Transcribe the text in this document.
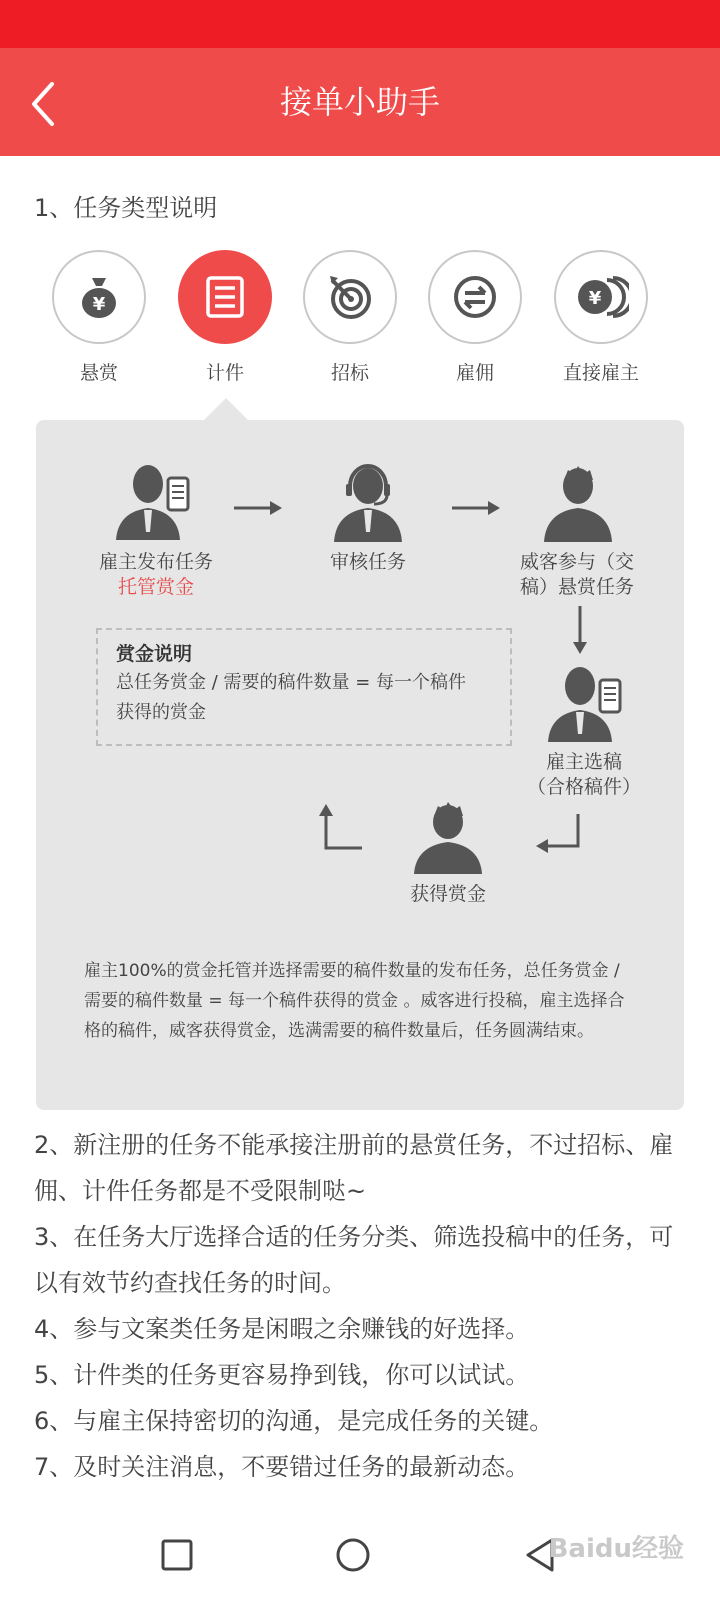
接单小助手
1、任务类型说明
¥
悬赏	计件	招标	雇佣
¥
直接雇主
雇主发布任务
托管赏金
审核任务	威客参与（交
稿）悬赏任务
赏金说明
总任务赏金 / 需要的稿件数量 = 每一个稿件
获得的赏金
雇主选稿
（合格稿件）
获得赏金
雇主100%的赏金托管并选择需要的稿件数量的发布任务，总任务赏金 / 需要的稿件数量 = 每一个稿件获得的赏金 。威客进行投稿，雇主选择合格的稿件，威客获得赏金，选满需要的稿件数量后，任务圆满结束。
2、新注册的任务不能承接注册前的悬赏任务，不过招标、雇佣、计件任务都是不受限制哒~
3、在任务大厅选择合适的任务分类、筛选投稿中的任务，可以有效节约查找任务的时间。
4、参与文案类任务是闲暇之余赚钱的好选择。
5、计件类的任务更容易挣到钱，你可以试试。
6、与雇主保持密切的沟通，是完成任务的关键。
7、及时关注消息，不要错过任务的最新动态。
Baidu经验
